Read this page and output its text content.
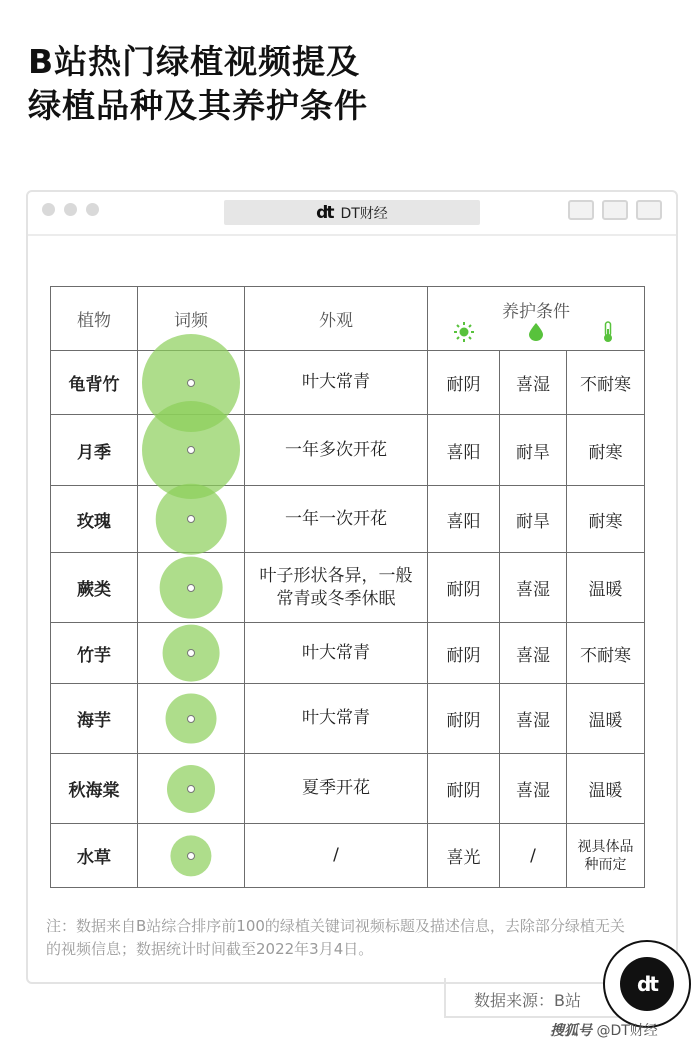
B站热门绿植视频提及
绿植品种及其养护条件
dt DT财经
植物	词频	外观	养护条件		

龟背竹		叶大常青	耐阴	喜湿	不耐寒
月季		一年多次开花	喜阳	耐旱	耐寒
玫瑰		一年一次开花	喜阳	耐旱	耐寒
蕨类		叶子形状各异，一般常青或冬季休眠	耐阴	喜湿	温暖
竹芋		叶大常青	耐阴	喜湿	不耐寒
海芋		叶大常青	耐阴	喜湿	温暖
秋海棠		夏季开花	耐阴	喜湿	温暖
水草		/	喜光	/	视具体品种而定
注：数据来自B站综合排序前100的绿植关键词视频标题及描述信息，去除部分绿植无关的视频信息；数据统计时间截至2022年3月4日。
数据来源：B站
dt
搜狐号 @DT财经
